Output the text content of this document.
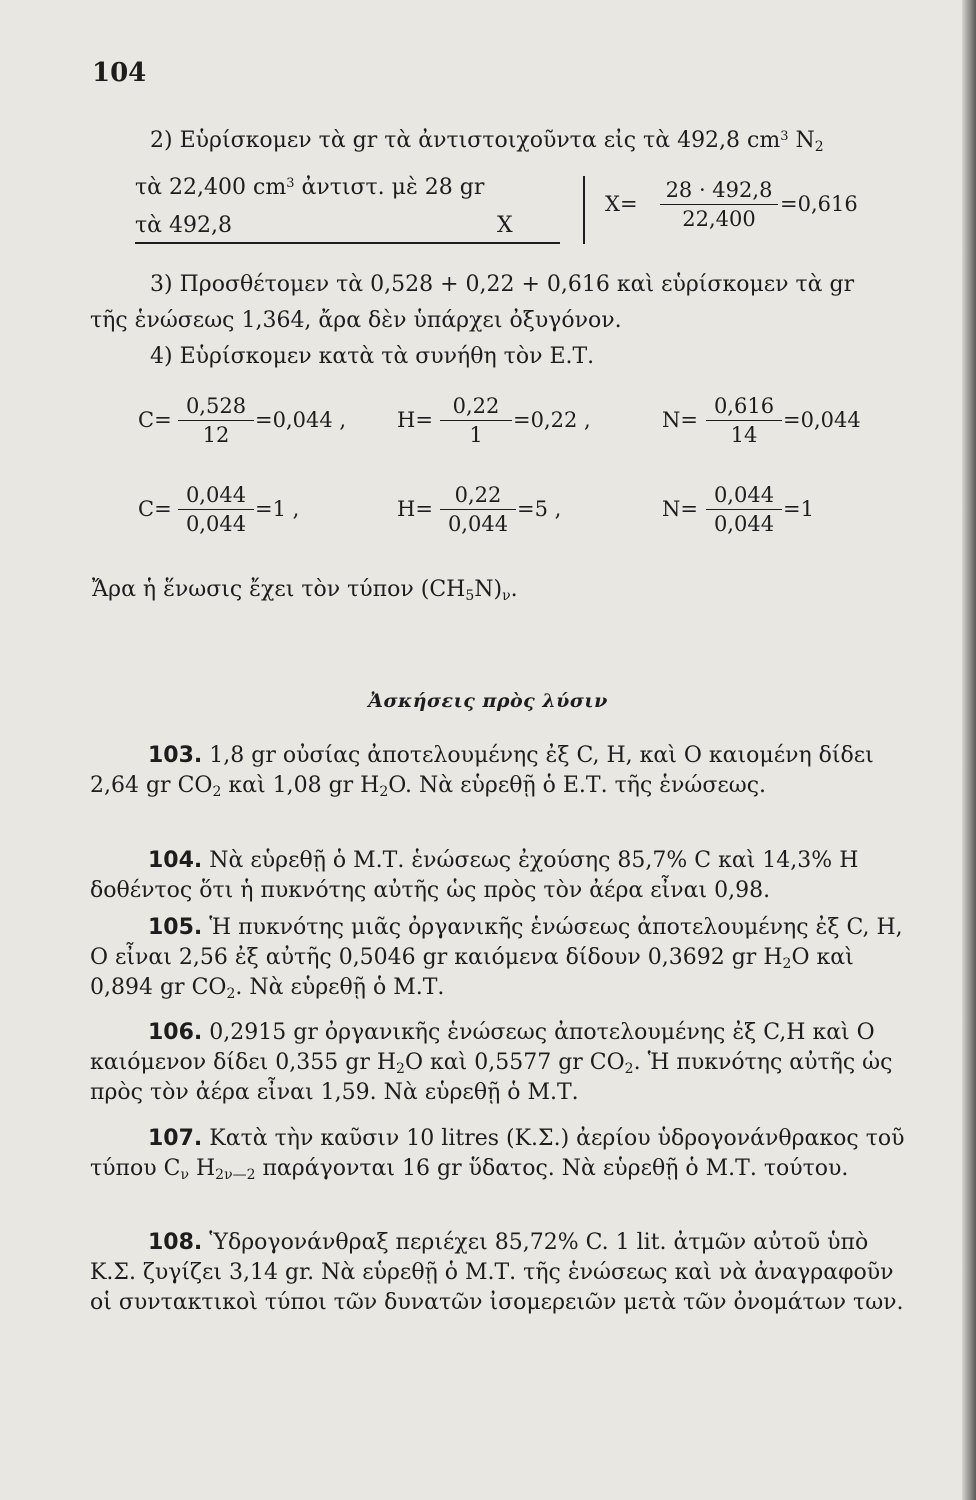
104
2) Εὑρίσκομεν τὰ gr τὰ ἀντιστοιχοῦντα εἰς τὰ 492,8 $cm^3$ $N_2$
τὰ 22,400 $cm^3$ ἀντιστ. μὲ 28 gr
τὰ 492,8	X
$X= \frac{28 \cdot 492,8}{22,400} =0,616$
3) Προσθέτομεν τὰ 0,528 + 0,22 + 0,616 καὶ εὑρίσκομεν τὰ gr
τῆς ἑνώσεως 1,364, ἄρα δὲν ὑπάρχει ὀξυγόνον.
4) Εὑρίσκομεν κατὰ τὰ συνήθη τὸν Ε.Τ.
$C= \frac{0,528}{12} =0,044$ , $H= \frac{0,22}{1} =0,22$ ,	$N= \frac{0,616}{14} =0,044$
$C= \frac{0,044}{0,044} =1$ ,	$H= \frac{0,22}{0,044} =5$ ,	$N= \frac{0,044}{0,044} =1$
Ἄρα ἡ ἕνωσις ἔχει τὸν τύπον $(CH_5N)_\nu$.
Ἀσκήσεις πρὸς λύσιν
103. 1,8 gr οὐσίας ἀποτελουμένης ἐξ C, H, καὶ O καιομένη δίδει 2,64 gr $CO_2$ καὶ 1,08 gr $H_2O$. Νὰ εὑρεθῇ ὁ Ε.Τ. τῆς ἑνώσεως.
104. Νὰ εὑρεθῇ ὁ Μ.Τ. ἑνώσεως ἐχούσης 85,7% C καὶ 14,3% H δοθέντος ὅτι ἡ πυκνότης αὐτῆς ὡς πρὸς τὸν ἀέρα εἶναι 0,98.
105. Ἡ πυκνότης μιᾶς ὀργανικῆς ἑνώσεως ἀποτελουμένης ἐξ C, H, O εἶναι 2,56 ἐξ αὐτῆς 0,5046 gr καιόμενα δίδουν 0,3692 gr $H_2O$ καὶ 0,894 gr $CO_2$. Νὰ εὑρεθῇ ὁ Μ.Τ.
106. 0,2915 gr ὀργανικῆς ἑνώσεως ἀποτελουμένης ἐξ C,H καὶ O καιόμενον δίδει 0,355 gr $H_2O$ καὶ 0,5577 gr $CO_2$. Ἡ πυκνότης αὐτῆς ὡς πρὸς τὸν ἀέρα εἶναι 1,59. Νὰ εὑρεθῇ ὁ Μ.Τ.
107. Κατὰ τὴν καῦσιν 10 litres (Κ.Σ.) ἀερίου ὑδρογονάνθρακος τοῦ τύπου $C_\nu$ $H_{2\nu—2}$ παράγονται 16 gr ὕδατος. Νὰ εὑρεθῇ ὁ Μ.Τ. τούτου.
108. Ὑδρογονάνθραξ περιέχει 85,72% C. 1 lit. ἀτμῶν αὐτοῦ ὑπὸ Κ.Σ. ζυγίζει 3,14 gr. Νὰ εὑρεθῇ ὁ Μ.Τ. τῆς ἑνώσεως καὶ νὰ ἀναγραφοῦν οἱ συντακτικοὶ τύποι τῶν δυνατῶν ἰσομερειῶν μετὰ τῶν ὀνομάτων των.
